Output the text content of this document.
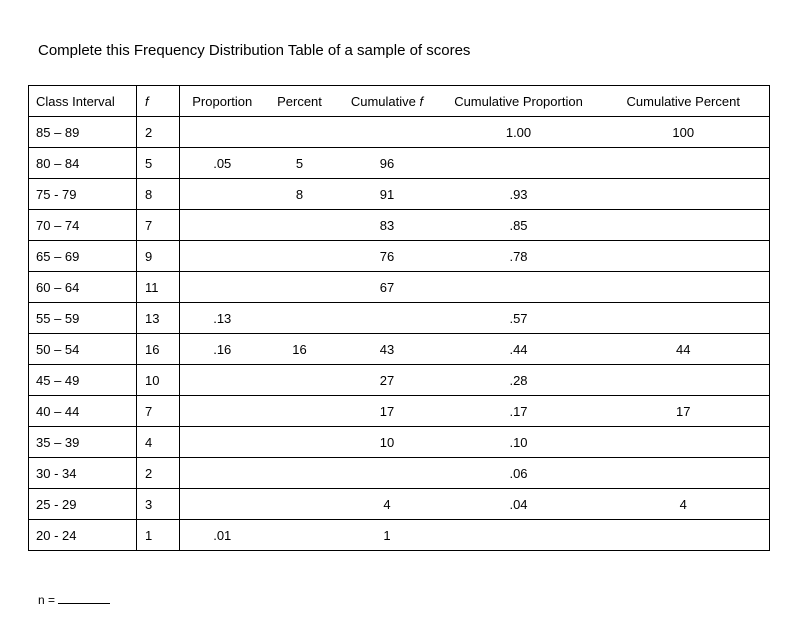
Complete this Frequency Distribution Table of a sample of scores
Class Interval	f	Proportion	Percent	Cumulative f	Cumulative Proportion	Cumulative Percent
85 – 89	2				1.00	100
80 – 84	5	.05	5	96		
75 - 79	8		8	91	.93	
70 – 74	7			83	.85	
65 – 69	9			76	.78	
60 – 64	11			67		
55 – 59	13	.13			.57	
50 – 54	16	.16	16	43	.44	44
45 – 49	10			27	.28	
40 – 44	7			17	.17	17
35 – 39	4			10	.10	
30 - 34	2				.06	
25 - 29	3			4	.04	4
20 - 24	1	.01		1		
n =
